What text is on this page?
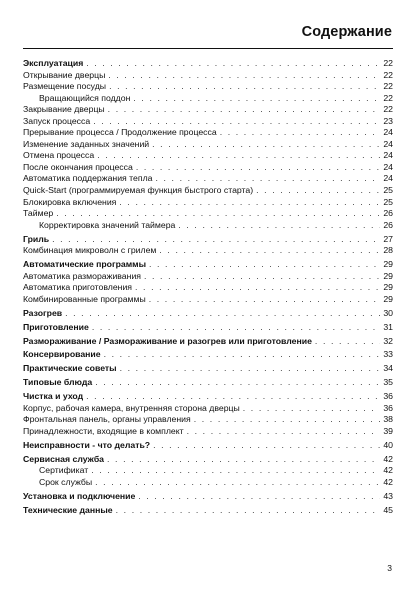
Содержание
Эксплуатация . . .	22
Открывание дверцы . . .	22
Размещение посуды . . .	22
Вращающийся поддон . . .	22
Закрывание дверцы . . .	22
Запуск процесса . . .	23
Прерывание процесса / Продолжение процесса . . .	24
Изменение заданных значений . . .	24
Отмена процесса . . .	24
После окончания процесса . . .	24
Автоматика поддержания тепла . . .	24
Quick-Start (программируемая функция быстрого старта) . . .	25
Блокировка включения . . .	25
Таймер . . .	26
Корректировка значений таймера . . .	26
Гриль . . .	27
Комбинация микроволн с грилем . . .	28
Автоматические программы . . .	29
Автоматика размораживания . . .	29
Автоматика приготовления . . .	29
Комбинированные программы . . .	29
Разогрев . . .	30
Приготовление . . .	31
Размораживание / Размораживание и разогрев или приготовление . . .	32
Консервирование . . .	33
Практические советы . . .	34
Типовые блюда . . .	35
Чистка и уход . . .	36
Корпус, рабочая камера, внутренняя сторона дверцы . . .	36
Фронтальная панель, органы управления . . .	38
Принадлежности, входящие в комплект . . .	39
Неисправности - что делать? . . .	40
Сервисная служба . . .	42
Сертификат . . .	42
Срок службы . . .	42
Установка и подключение . . .	43
Технические данные . . .	45
3
